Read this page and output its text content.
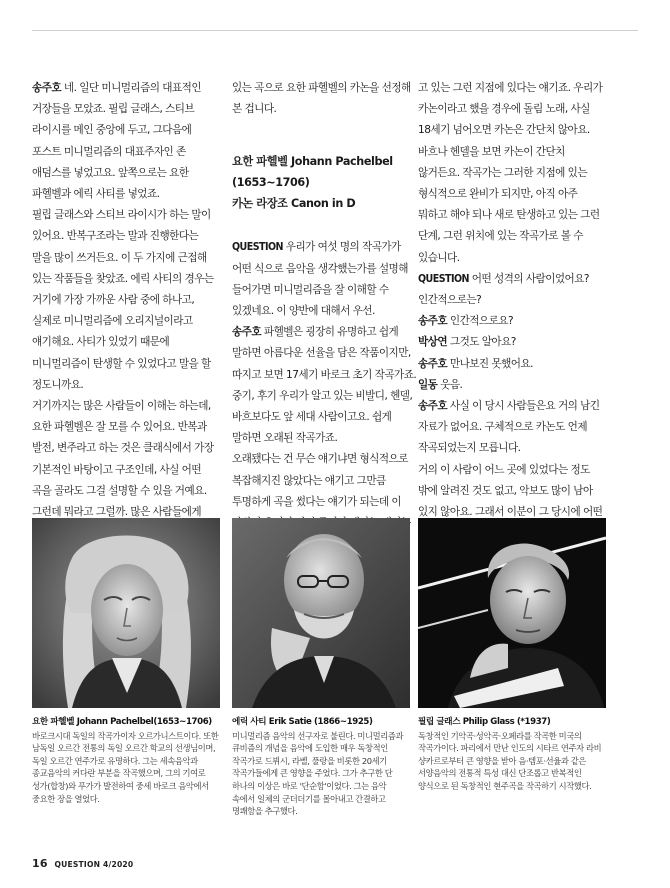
송주호 네. 일단 미니멀리즘의 대표적인 거장들을 모았죠. 필립 글래스, 스티브 라이시를 메인 중앙에 두고, 그다음에 포스트 미니멀리즘의 대표주자인 존 애덤스를 넣었고요. 앞쪽으로는 요한 파헬벨과 에릭 사티를 넣었죠.

필립 글래스와 스티브 라이시가 하는 말이 있어요. 반복구조라는 말과 진행한다는 말을 많이 쓰거든요. 이 두 가지에 근접해 있는 작품들을 찾았죠. 에릭 사티의 경우는 거기에 가장 가까운 사람 중에 하나고, 실제로 미니멀리즘에 오리지널이라고 얘기해요. 사티가 있었기 때문에 미니멀리즘이 탄생할 수 있었다고 말을 할 정도니까요.

거기까지는 많은 사람들이 이해는 하는데, 요한 파헬벨은 잘 모를 수 있어요. 반복과 발전, 변주라고 하는 것은 클래식에서 가장 기본적인 바탕이고 구조인데, 사실 어떤 곡을 골라도 그걸 설명할 수 있을 거예요. 그런데 뭐라고 그럴까. 많은 사람들에게

있는 곡으로 요한 파헬벨의 카논을 선정해 본 겁니다.

요한 파헬벨 Johann Pachelbel
(1653~1706)
카논 라장조 Canon in D

QUESTION 우리가 여섯 명의 작곡가가 어떤 식으로 음악을 생각했는가를 설명해 들어가면 미니멀리즘을 잘 이해할 수 있겠네요. 이 양반에 대해서 우선.

송주호 파헬벨은 굉장히 유명하고 쉽게 말하면 아름다운 선율을 담은 작품이지만, 따지고 보면 17세기 바로크 초기 작곡가죠. 중기, 후기 우리가 알고 있는 비발디, 헨델, 바흐보다도 앞 세대 사람이고요. 쉽게 말하면 오래된 작곡가죠.

오래됐다는 건 무슨 얘기냐면 형식적으로 복잡해지진 않았다는 얘기고 그만큼 투명하게 곡을 썼다는 얘기가 되는데 이

고 있는 그런 지점에 있다는 얘기죠. 우리가 카논이라고 했을 경우에 돌림 노래, 사실 18세기 넘어오면 카논은 간단치 않아요. 바흐나 헨델을 보면 카논이 간단치 않거든요. 작곡가는 그러한 지점에 있는 형식적으로 완비가 되지만, 아직 아주 뭐하고 해야 되나 새로 탄생하고 있는 그런 단계, 그런 위치에 있는 작곡가로 볼 수 있습니다.

QUESTION 어떤 성격의 사람이었어요? 인간적으로는?

송주호 인간적으로요?

박상연 그것도 알아요?

송주호 만나보진 못했어요.

일동 웃음.

송주호 사실 이 당시 사람들은요 거의 남긴 자료가 없어요. 구체적으로 카논도 언제 작곡되었는지 모릅니다.

거의 이 사람이 어느 곳에 있었다는 정도 밖에 알려진 것도 없고, 악보도 많이 남아 있지 않아요. 그래서 이분이 그 당시에 어떤

요한 파헬벨 Johann Pachelbel(1653~1706)
바로크시대 독일의 작곡가이자 오르가니스트이다. 또한 남독일 오르간 전통의 독일 오르간 학교의 선생님이며, 독일 오르간 연주가로 유명하다. 그는 세속음악과 종교음악의 커다란 부분을 작곡했으며, 그의 기여로 성가(합창)와 푸가가 발전하여 중세 바로크 음악에서 중요한 장을 열었다.
에릭 사티 Erik Satie (1866~1925)
미니멀리즘 음악의 선구자로 불린다. 미니멀리즘과 큐비즘의 개념을 음악에 도입한 매우 독창적인 작곡가로 드뷔시, 라벨, 풀랑을 비롯한 20세기 작곡가들에게 큰 영향을 주었다. 그가 추구한 단 하나의 이상은 바로 '단순함'이었다. 그는 음악 속에서 일체의 군더더기를 몰아내고 간결하고 명쾌함을 추구했다.
필립 글래스 Philip Glass (*1937)
독창적인 기악곡·성악곡·오페라를 작곡한 미국의 작곡가이다. 파리에서 만난 인도의 시타르 연주자 라비 샹카르로부터 큰 영향을 받아 음·템포·선율과 같은 서양음악의 전통적 특성 대신 단조롭고 반복적인 양식으로 된 독창적인 현주곡을 작곡하기 시작했다.
16 QUESTION 4/2020
